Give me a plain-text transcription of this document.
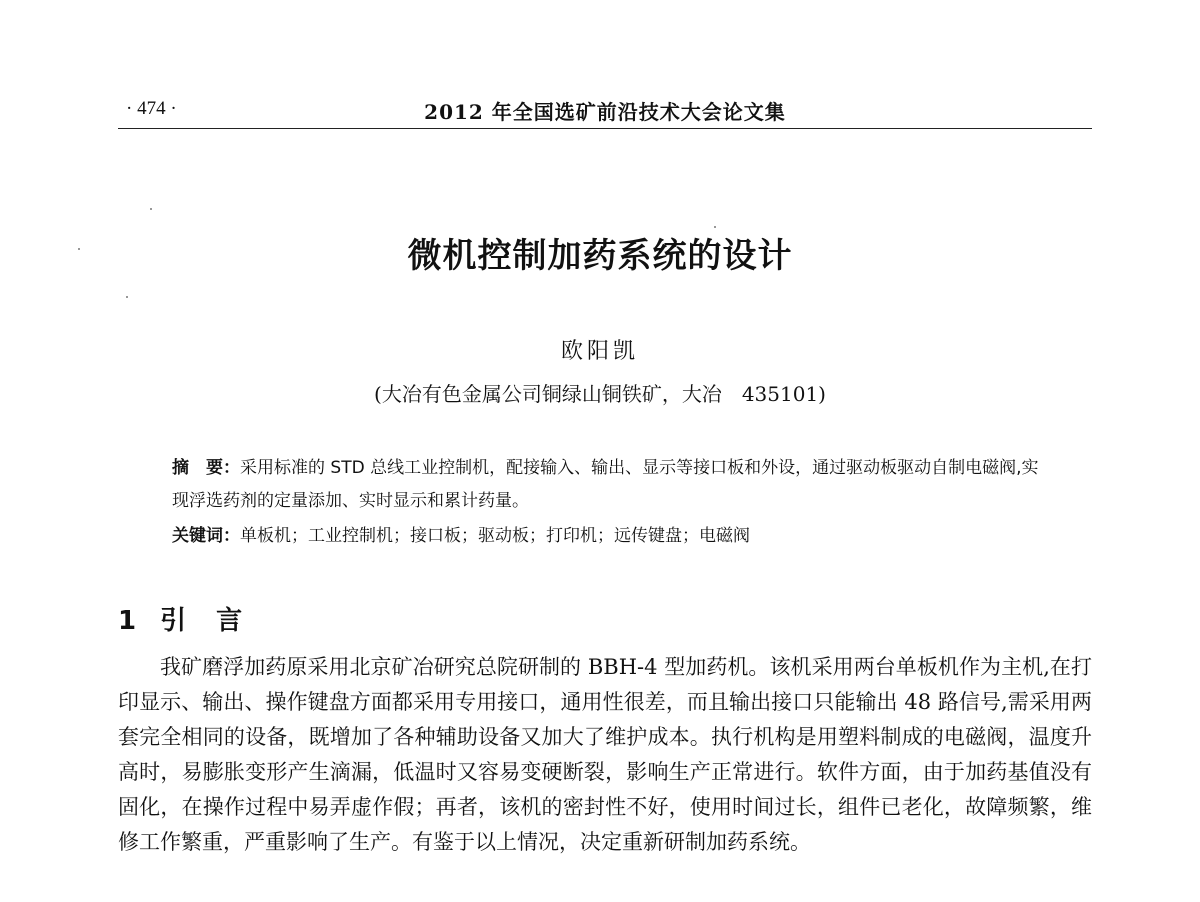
· 474 ·	2012 年全国选矿前沿技术大会论文集
微机控制加药系统的设计
欧阳凯
(大冶有色金属公司铜绿山铜铁矿，大冶　435101)

摘　要：采用标准的 STD 总线工业控制机，配接输入、输出、显示等接口板和外设，通过驱动板驱动自制电磁阀,实现浮选药剂的定量添加、实时显示和累计药量。

关键词：单板机；工业控制机；接口板；驱动板；打印机；远传键盘；电磁阀
1 引　言

我矿磨浮加药原采用北京矿冶研究总院研制的 BBH-4 型加药机。该机采用两台单板机作为主机,在打印显示、输出、操作键盘方面都采用专用接口，通用性很差，而且输出接口只能输出 48 路信号,需采用两套完全相同的设备，既增加了各种辅助设备又加大了维护成本。执行机构是用塑料制成的电磁阀，温度升高时，易膨胀变形产生滴漏，低温时又容易变硬断裂，影响生产正常进行。软件方面，由于加药基值没有固化，在操作过程中易弄虚作假；再者，该机的密封性不好，使用时间过长，组件已老化，故障频繁，维修工作繁重，严重影响了生产。有鉴于以上情况，决定重新研制加药系统。
